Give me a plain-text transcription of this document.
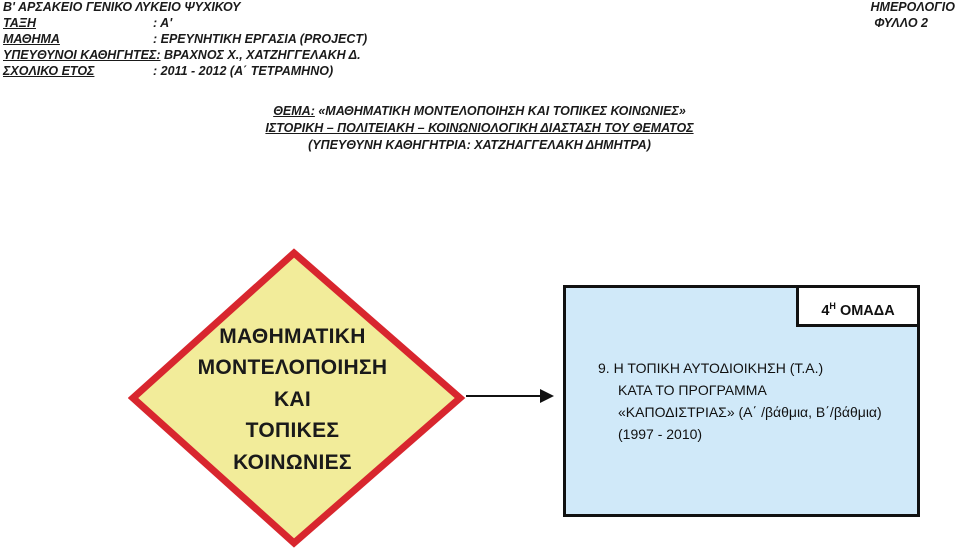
Β' ΑΡΣΑΚΕΙΟ ΓΕΝΙΚΟ ΛΥΚΕΙΟ ΨΥΧΙΚΟΥ
ΤΑΞΗ	: Α'
ΜΑΘΗΜΑ	: ΕΡΕΥΝΗΤΙΚΗ ΕΡΓΑΣΙΑ (PROJECT)
ΥΠΕΥΘΥΝΟΙ ΚΑΘΗΓΗΤΕΣ: ΒΡΑΧΝΟΣ Χ., ΧΑΤΖΗΓΓΕΛΑΚΗ Δ.
ΣΧΟΛΙΚΟ ΕΤΟΣ	: 2011 - 2012 (Α΄ ΤΕΤΡΑΜΗΝΟ)
ΗΜΕΡΟΛΟΓΙΟ
ΦΥΛΛΟ 2
ΘΕΜΑ: «ΜΑΘΗΜΑΤΙΚΗ ΜΟΝΤΕΛΟΠΟΙΗΣΗ ΚΑΙ ΤΟΠΙΚΕΣ ΚΟΙΝΩΝΙΕΣ»
ΙΣΤΟΡΙΚΗ – ΠΟΛΙΤΕΙΑΚΗ – ΚΟΙΝΩΝΙΟΛΟΓΙΚΗ ΔΙΑΣΤΑΣΗ ΤΟΥ ΘΕΜΑΤΟΣ
(ΥΠΕΥΘΥΝΗ ΚΑΘΗΓΗΤΡΙΑ: ΧΑΤΖΗΑΓΓΕΛΑΚΗ ΔΗΜΗΤΡΑ)
ΜΑΘΗΜΑΤΙΚΗ
ΜΟΝΤΕΛΟΠΟΙΗΣΗ
ΚΑΙ
ΤΟΠΙΚΕΣ
ΚΟΙΝΩΝΙΕΣ
$4^H$ ΟΜΑΔΑ
9. Η ΤΟΠΙΚΗ ΑΥΤΟΔΙΟΙΚΗΣΗ (Τ.Α.)
ΚΑΤΑ ΤΟ ΠΡΟΓΡΑΜΜΑ
«ΚΑΠΟΔΙΣΤΡΙΑΣ» (Α΄ /βάθμια, Β΄/βάθμια)
(1997 - 2010)
